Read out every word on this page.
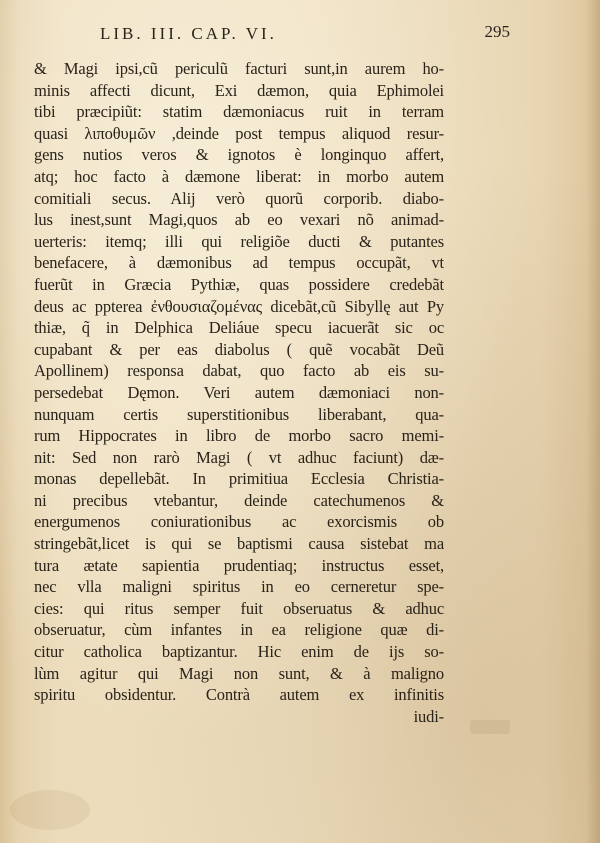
LIB. III. CAP. VI.	295
& Magi ipsi,cũ periculũ facturi sunt,in aurem ho-
minis affecti dicunt, Exi dæmon, quia Ephimolei
tibi præcipiũt: statim dæmoniacus ruit in terram
quasi λιποθυμῶν ,deinde post tempus aliquod resur-
gens nutios veros & ignotos è longinquo affert,
atq; hoc facto à dæmone liberat: in morbo autem
comitiali secus. Alij verò quorũ corporib. diabo-
lus inest,sunt Magi,quos ab eo vexari nõ animad-
uerteris: itemq; illi qui religiõe ducti & putantes
benefacere, à dæmonibus ad tempus occupãt, vt
fuerũt in Græcia Pythiæ, quas possidere credebãt
deus ac ppterea ἐνθουσιαζομένας dicebãt,cũ Sibyllę aut Py
thiæ, q̃ in Delphica Deliáue specu iacuerãt sic oc
cupabant & per eas diabolus ( quẽ vocabãt Deũ
Apollinem) responsa dabat, quo facto ab eis su-
persedebat Dęmon. Veri autem dæmoniaci non-
nunquam certis superstitionibus liberabant, qua-
rum Hippocrates in libro de morbo sacro memi-
nit: Sed non rarò Magi ( vt adhuc faciunt) dæ-
monas depellebãt. In primitiua Ecclesia Christia-
ni precibus vtebantur, deinde catechumenos &
energumenos coniurationibus ac exorcismis ob
stringebãt,licet is qui se baptismi causa sistebat ma
tura ætate sapientia prudentiaq; instructus esset,
nec vlla maligni spiritus in eo cerneretur spe-
cies: qui ritus semper fuit obseruatus & adhuc
obseruatur, cùm infantes in ea religione quæ di-
citur catholica baptizantur. Hic enim de ijs so-
lùm agitur qui Magi non sunt, & à maligno
spiritu obsidentur. Contrà autem ex infinitis
iudi-
